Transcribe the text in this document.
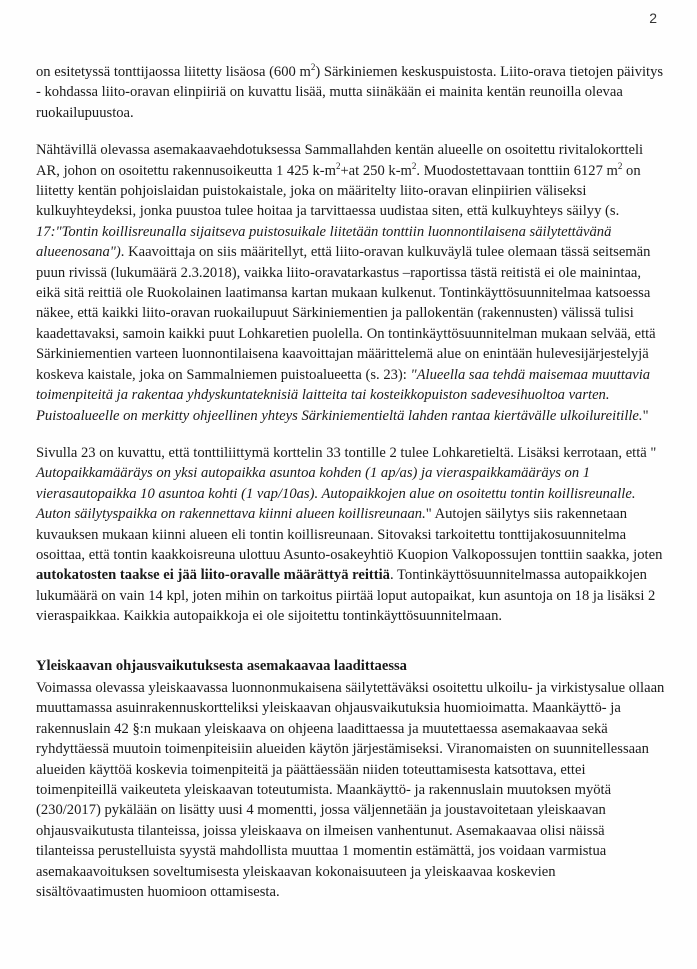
2

on esitetyssä tonttijaossa liitetty lisäosa (600 $m^2$) Särkiniemen keskuspuistosta. Liito-orava tietojen päivitys - kohdassa liito-oravan elinpiiriä on kuvattu lisää, mutta siinäkään ei mainita kentän reunoilla olevaa ruokailupuustoa.

Nähtävillä olevassa asemakaavaehdotuksessa Sammallahden kentän alueelle on osoitettu rivitalokortteli AR, johon on osoitettu rakennusoikeutta 1 425 $k-m^2+at$ 250 $k-m^2$. Muodostettavaan tonttiin 6127 $m^2$ on liitetty kentän pohjoislaidan puistokaistale, joka on määritelty liito-oravan elinpiirien väliseksi kulkuyhteydeksi, jonka puustoa tulee hoitaa ja tarvittaessa uudistaa siten, että kulkuyhteys säilyy (s. 17:"Tontin koillisreunalla sijaitseva puistosuikale liitetään tonttiin luonnontilaisena säilytettävänä alueenosana"). Kaavoittaja on siis määritellyt, että liito-oravan kulkuväylä tulee olemaan tässä seitsemän puun rivissä (lukumäärä 2.3.2018), vaikka liito-oravatarkastus –raportissa tästä reitistä ei ole mainintaa, eikä sitä reittiä ole Ruokolainen laatimansa kartan mukaan kulkenut. Tontinkäyttösuunnitelmaa katsoessa näkee, että kaikki liito-oravan ruokailupuut Särkiniementien ja pallokentän (rakennusten) välissä tulisi kaadettavaksi, samoin kaikki puut Lohkaretien puolella. On tontinkäyttösuunnitelman mukaan selvää, että Särkiniementien varteen luonnontilaisena kaavoittajan määrittelemä alue on enintään hulevesijärjestelyjä koskeva kaistale, joka on Sammalniemen puistoalueetta (s. 23): "Alueella saa tehdä maisemaa muuttavia toimenpiteitä ja rakentaa yhdyskuntateknisiä laitteita tai kosteikkopuiston sadevesihuoltoa varten. Puistoalueelle on merkitty ohjeellinen yhteys Särkiniementieltä lahden rantaa kiertävälle ulkoilureitille."

Sivulla 23 on kuvattu, että tonttiliittymä korttelin 33 tontille 2 tulee Lohkaretieltä. Lisäksi kerrotaan, että " Autopaikkamääräys on yksi autopaikka asuntoa kohden (1 ap/as) ja vieraspaikkamääräys on 1 vierasautopaikka 10 asuntoa kohti (1 vap/10as). Autopaikkojen alue on osoitettu tontin koillisreunalle. Auton säilytyspaikka on rakennettava kiinni alueen koillisreunaan." Autojen säilytys siis rakennetaan kuvauksen mukaan kiinni alueen eli tontin koillisreunaan. Sitovaksi tarkoitettu tonttijakosuunnitelma osoittaa, että tontin kaakkoisreuna ulottuu Asunto-osakeyhtiö Kuopion Valkopossujen tonttiin saakka, joten autokatosten taakse ei jää liito-oravalle määrättyä reittiä. Tontinkäyttösuunnitelmassa autopaikkojen lukumäärä on vain 14 kpl, joten mihin on tarkoitus piirtää loput autopaikat, kun asuntoja on 18 ja lisäksi 2 vieraspaikkaa. Kaikkia autopaikkoja ei ole sijoitettu tontinkäyttösuunnitelmaan.

Yleiskaavan ohjausvaikutuksesta asemakaavaa laadittaessa

Voimassa olevassa yleiskaavassa luonnonmukaisena säilytettäväksi osoitettu ulkoilu- ja virkistysalue ollaan muuttamassa asuinrakennuskortteliksi yleiskaavan ohjausvaikutuksia huomioimatta. Maankäyttö- ja rakennuslain 42 §:n mukaan yleiskaava on ohjeena laadittaessa ja muutettaessa asemakaavaa sekä ryhdyttäessä muutoin toimenpiteisiin alueiden käytön järjestämiseksi. Viranomaisten on suunnitellessaan alueiden käyttöä koskevia toimenpiteitä ja päättäessään niiden toteuttamisesta katsottava, ettei toimenpiteillä vaikeuteta yleiskaavan toteutumista. Maankäyttö- ja rakennuslain muutoksen myötä (230/2017) pykälään on lisätty uusi 4 momentti, jossa väljennetään ja joustavoitetaan yleiskaavan ohjausvaikutusta tilanteissa, joissa yleiskaava on ilmeisen vanhentunut. Asemakaavaa olisi näissä tilanteissa perustelluista syystä mahdollista muuttaa 1 momentin estämättä, jos voidaan varmistua asemakaavoituksen soveltumisesta yleiskaavan kokonaisuuteen ja yleiskaavaa koskevien sisältövaatimusten huomioon ottamisesta.
